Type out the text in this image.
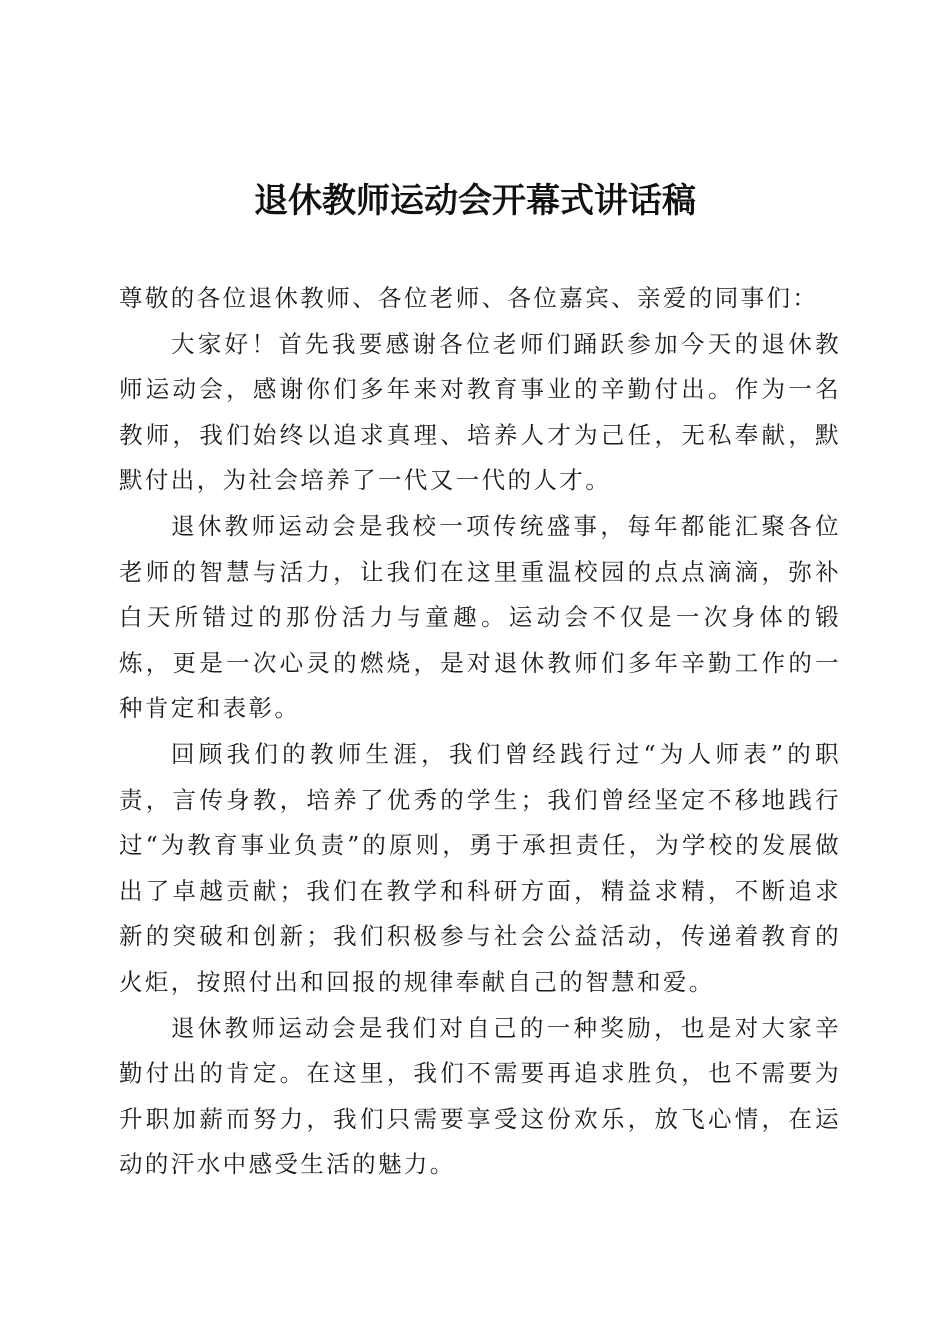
退休教师运动会开幕式讲话稿

尊敬的各位退休教师、各位老师、各位嘉宾、亲爱的同事们：

大家好！首先我要感谢各位老师们踊跃参加今天的退休教师运动会，感谢你们多年来对教育事业的辛勤付出。作为一名教师，我们始终以追求真理、培养人才为己任，无私奉献，默默付出，为社会培养了一代又一代的人才。

退休教师运动会是我校一项传统盛事，每年都能汇聚各位老师的智慧与活力，让我们在这里重温校园的点点滴滴，弥补白天所错过的那份活力与童趣。运动会不仅是一次身体的锻炼，更是一次心灵的燃烧，是对退休教师们多年辛勤工作的一种肯定和表彰。

回顾我们的教师生涯，我们曾经践行过“为人师表”的职责，言传身教，培养了优秀的学生；我们曾经坚定不移地践行过“为教育事业负责”的原则，勇于承担责任，为学校的发展做出了卓越贡献；我们在教学和科研方面，精益求精，不断追求新的突破和创新；我们积极参与社会公益活动，传递着教育的火炬，按照付出和回报的规律奉献自己的智慧和爱。

退休教师运动会是我们对自己的一种奖励，也是对大家辛勤付出的肯定。在这里，我们不需要再追求胜负，也不需要为升职加薪而努力，我们只需要享受这份欢乐，放飞心情，在运动的汗水中感受生活的魅力。
